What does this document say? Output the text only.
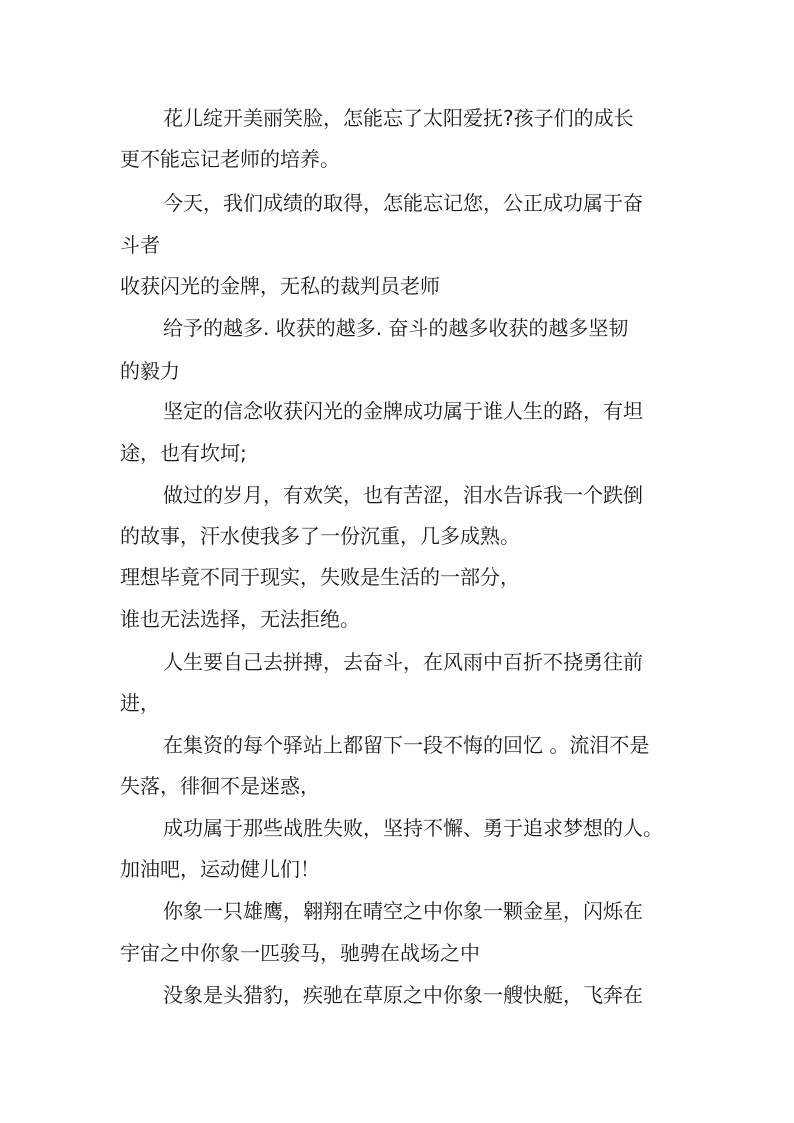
花儿绽开美丽笑脸，怎能忘了太阳爱抚?孩子们的成长
更不能忘记老师的培养。
今天，我们成绩的取得，怎能忘记您，公正成功属于奋
斗者
收获闪光的金牌，无私的裁判员老师
给予的越多. 收获的越多. 奋斗的越多收获的越多坚韧
的毅力
坚定的信念收获闪光的金牌成功属于谁人生的路，有坦
途，也有坎坷;
做过的岁月，有欢笑，也有苦涩，泪水告诉我一个跌倒
的故事，汗水使我多了一份沉重，几多成熟。
理想毕竟不同于现实，失败是生活的一部分，
谁也无法选择，无法拒绝。
人生要自己去拼搏，去奋斗，在风雨中百折不挠勇往前
进，
在集资的每个驿站上都留下一段不悔的回忆 。流泪不是
失落，徘徊不是迷惑，
成功属于那些战胜失败，坚持不懈、勇于追求梦想的人。
加油吧，运动健儿们！
你象一只雄鹰，翱翔在晴空之中你象一颗金星，闪烁在
宇宙之中你象一匹骏马，驰骋在战场之中
没象是头猎豹，疾驰在草原之中你象一艘快艇，飞奔在
